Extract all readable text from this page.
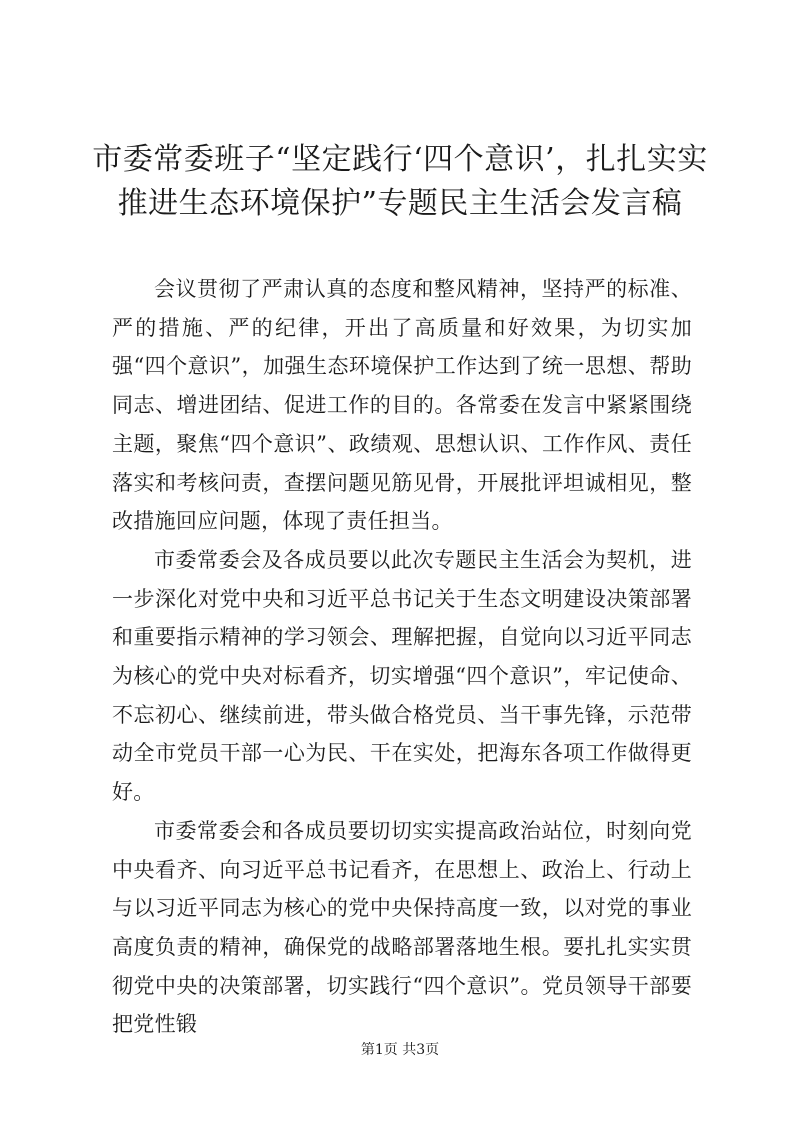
市委常委班子“坚定践行‘四个意识’，扎扎实实推进生态环境保护”专题民主生活会发言稿

会议贯彻了严肃认真的态度和整风精神，坚持严的标准、严的措施、严的纪律，开出了高质量和好效果，为切实加强“四个意识”，加强生态环境保护工作达到了统一思想、帮助同志、增进团结、促进工作的目的。各常委在发言中紧紧围绕主题，聚焦“四个意识”、政绩观、思想认识、工作作风、责任落实和考核问责，查摆问题见筋见骨，开展批评坦诚相见，整改措施回应问题，体现了责任担当。

市委常委会及各成员要以此次专题民主生活会为契机，进一步深化对党中央和习近平总书记关于生态文明建设决策部署和重要指示精神的学习领会、理解把握，自觉向以习近平同志为核心的党中央对标看齐，切实增强“四个意识”，牢记使命、不忘初心、继续前进，带头做合格党员、当干事先锋，示范带动全市党员干部一心为民、干在实处，把海东各项工作做得更好。

市委常委会和各成员要切切实实提高政治站位，时刻向党中央看齐、向习近平总书记看齐，在思想上、政治上、行动上与以习近平同志为核心的党中央保持高度一致，以对党的事业高度负责的精神，确保党的战略部署落地生根。要扎扎实实贯彻党中央的决策部署，切实践行“四个意识”。党员领导干部要把党性锻

第1页 共3页
